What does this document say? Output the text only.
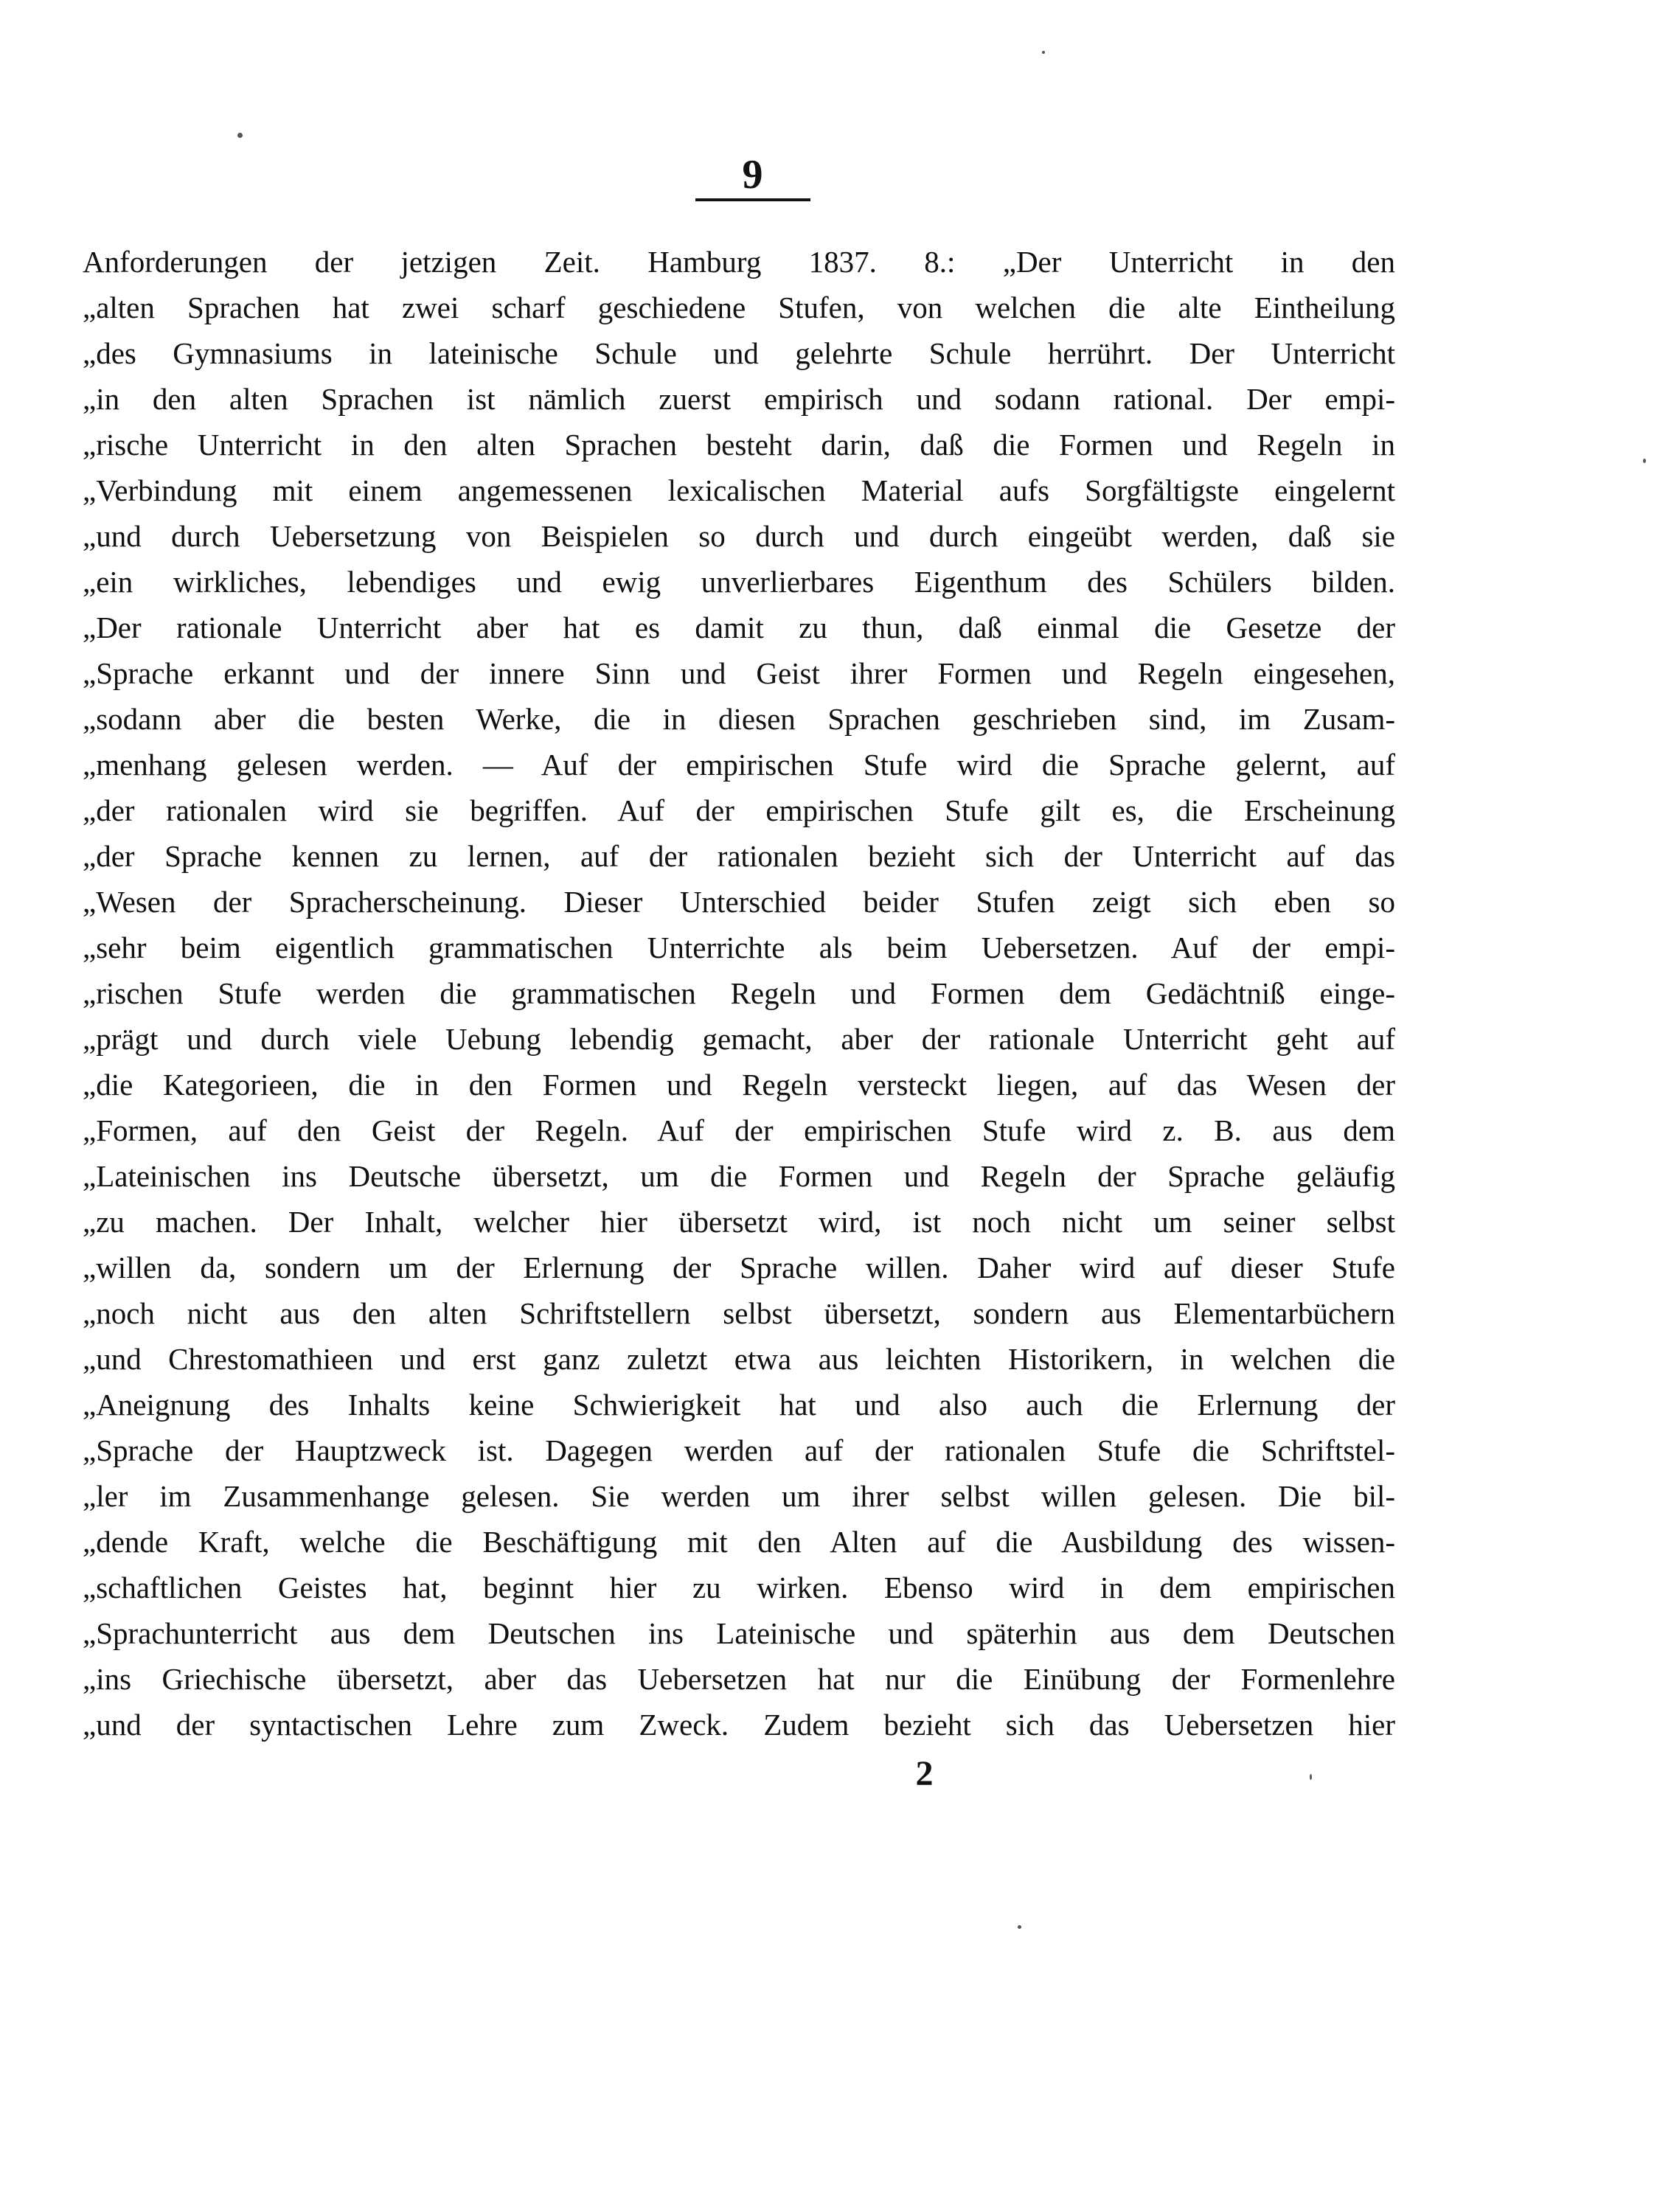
9
Anforderungen der jetzigen Zeit. Hamburg 1837. 8.: „Der Unterricht in den
„alten Sprachen hat zwei scharf geschiedene Stufen, von welchen die alte Eintheilung
„des Gymnasiums in lateinische Schule und gelehrte Schule herrührt. Der Unterricht
„in den alten Sprachen ist nämlich zuerst empirisch und sodann rational. Der empi-
„rische Unterricht in den alten Sprachen besteht darin, daß die Formen und Regeln in
„Verbindung mit einem angemessenen lexicalischen Material aufs Sorgfältigste eingelernt
„und durch Uebersetzung von Beispielen so durch und durch eingeübt werden, daß sie
„ein wirkliches, lebendiges und ewig unverlierbares Eigenthum des Schülers bilden.
„Der rationale Unterricht aber hat es damit zu thun, daß einmal die Gesetze der
„Sprache erkannt und der innere Sinn und Geist ihrer Formen und Regeln eingesehen,
„sodann aber die besten Werke, die in diesen Sprachen geschrieben sind, im Zusam-
„menhang gelesen werden. — Auf der empirischen Stufe wird die Sprache gelernt, auf
„der rationalen wird sie begriffen. Auf der empirischen Stufe gilt es, die Erscheinung
„der Sprache kennen zu lernen, auf der rationalen bezieht sich der Unterricht auf das
„Wesen der Spracherscheinung. Dieser Unterschied beider Stufen zeigt sich eben so
„sehr beim eigentlich grammatischen Unterrichte als beim Uebersetzen. Auf der empi-
„rischen Stufe werden die grammatischen Regeln und Formen dem Gedächtniß einge-
„prägt und durch viele Uebung lebendig gemacht, aber der rationale Unterricht geht auf
„die Kategorieen, die in den Formen und Regeln versteckt liegen, auf das Wesen der
„Formen, auf den Geist der Regeln. Auf der empirischen Stufe wird z. B. aus dem
„Lateinischen ins Deutsche übersetzt, um die Formen und Regeln der Sprache geläufig
„zu machen. Der Inhalt, welcher hier übersetzt wird, ist noch nicht um seiner selbst
„willen da, sondern um der Erlernung der Sprache willen. Daher wird auf dieser Stufe
„noch nicht aus den alten Schriftstellern selbst übersetzt, sondern aus Elementarbüchern
„und Chrestomathieen und erst ganz zuletzt etwa aus leichten Historikern, in welchen die
„Aneignung des Inhalts keine Schwierigkeit hat und also auch die Erlernung der
„Sprache der Hauptzweck ist. Dagegen werden auf der rationalen Stufe die Schriftstel-
„ler im Zusammenhange gelesen. Sie werden um ihrer selbst willen gelesen. Die bil-
„dende Kraft, welche die Beschäftigung mit den Alten auf die Ausbildung des wissen-
„schaftlichen Geistes hat, beginnt hier zu wirken. Ebenso wird in dem empirischen
„Sprachunterricht aus dem Deutschen ins Lateinische und späterhin aus dem Deutschen
„ins Griechische übersetzt, aber das Uebersetzen hat nur die Einübung der Formenlehre
„und der syntactischen Lehre zum Zweck. Zudem bezieht sich das Uebersetzen hier
2
